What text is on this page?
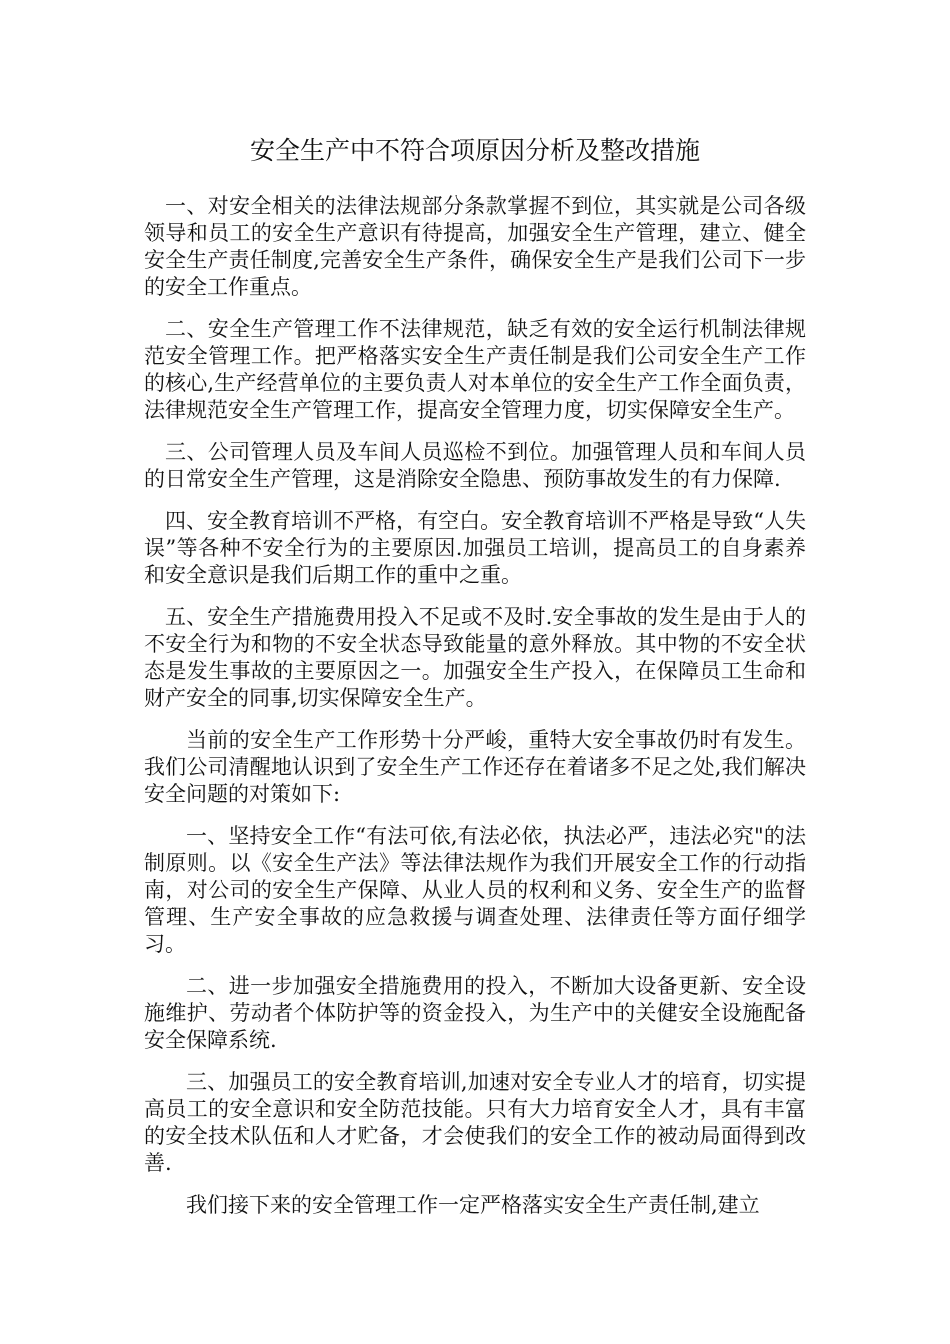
安全生产中不符合项原因分析及整改措施

一、对安全相关的法律法规部分条款掌握不到位，其实就是公司各级领导和员工的安全生产意识有待提高，加强安全生产管理，建立、健全安全生产责任制度,完善安全生产条件，确保安全生产是我们公司下一步的安全工作重点。

二、安全生产管理工作不法律规范，缺乏有效的安全运行机制法律规范安全管理工作。把严格落实安全生产责任制是我们公司安全生产工作的核心,生产经营单位的主要负责人对本单位的安全生产工作全面负责，法律规范安全生产管理工作，提高安全管理力度，切实保障安全生产。

三、公司管理人员及车间人员巡检不到位。加强管理人员和车间人员的日常安全生产管理，这是消除安全隐患、预防事故发生的有力保障.

四、安全教育培训不严格，有空白。安全教育培训不严格是导致“人失误”等各种不安全行为的主要原因.加强员工培训，提高员工的自身素养和安全意识是我们后期工作的重中之重。

五、安全生产措施费用投入不足或不及时.安全事故的发生是由于人的不安全行为和物的不安全状态导致能量的意外释放。其中物的不安全状态是发生事故的主要原因之一。加强安全生产投入，在保障员工生命和财产安全的同事,切实保障安全生产。

当前的安全生产工作形势十分严峻，重特大安全事故仍时有发生。我们公司清醒地认识到了安全生产工作还存在着诸多不足之处,我们解决安全问题的对策如下:

一、坚持安全工作“有法可依,有法必依，执法必严，违法必究"的法制原则。以《安全生产法》等法律法规作为我们开展安全工作的行动指南，对公司的安全生产保障、从业人员的权利和义务、安全生产的监督管理、生产安全事故的应急救援与调查处理、法律责任等方面仔细学习。

二、进一步加强安全措施费用的投入，不断加大设备更新、安全设施维护、劳动者个体防护等的资金投入，为生产中的关健安全设施配备安全保障系统.

三、加强员工的安全教育培训,加速对安全专业人才的培育，切实提高员工的安全意识和安全防范技能。只有大力培育安全人才，具有丰富的安全技术队伍和人才贮备，才会使我们的安全工作的被动局面得到改善.

我们接下来的安全管理工作一定严格落实安全生产责任制,建立
